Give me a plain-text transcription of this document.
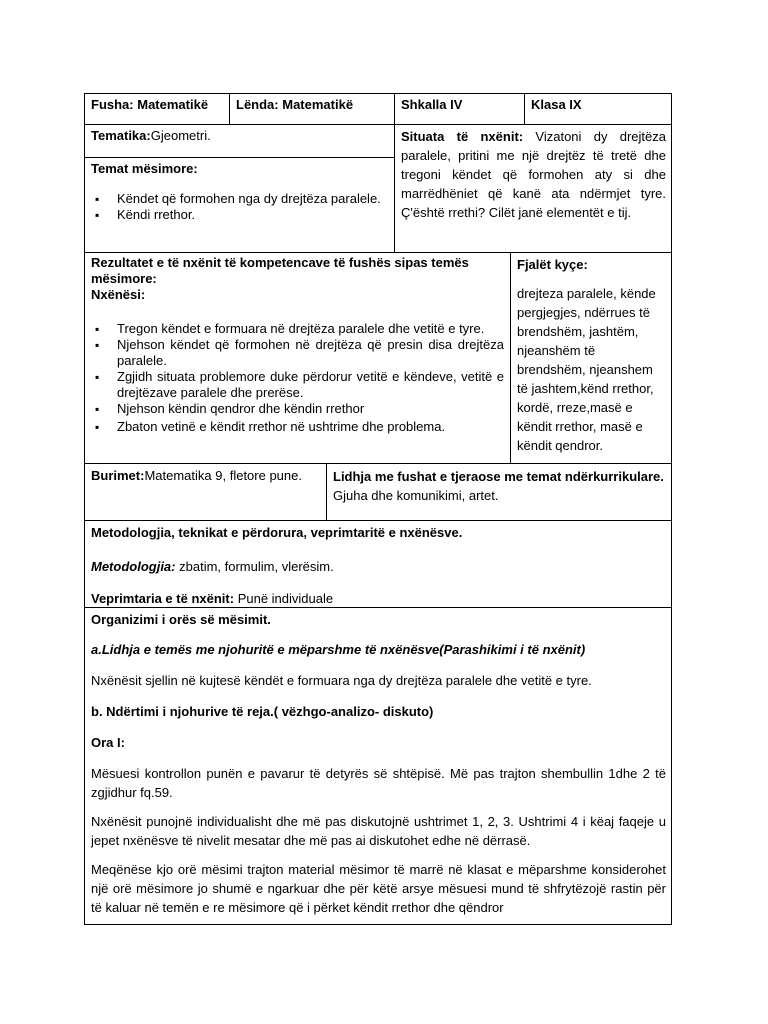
Fusha: Matematikë	Lënda: Matematikë	Shkalla IV	Klasa IX
Tematika:Gjeometri.	Situata të nxënit: Vizatoni dy drejtëza paralele, pritini me një drejtëz të tretë dhe tregoni këndet që formohen aty si dhe marrëdhëniet që kanë ata ndërmjet tyre. Ç'është rrethi? Cilët janë elementët e tij.
Temat mësimore:
▪ Këndet që formohen nga dy drejtëza paralele.
▪ Këndi rrethor.
Rezultatet e të nxënit të kompetencave të fushës sipas temës mësimore:
Nxënësi:
▪ Tregon këndet e formuara në drejtëza paralele dhe vetitë e tyre.
▪ Njehson këndet që formohen në drejtëza që presin disa drejtëza paralele.
▪ Zgjidh situata problemore duke përdorur vetitë e këndeve, vetitë e drejtëzave paralele dhe prerëse.
▪ Njehson këndin qendror dhe këndin rrethor
▪ Zbaton vetinë e këndit rrethor në ushtrime dhe problema.
Fjalët kyçe:
drejteza paralele, kënde pergjegjes, ndërrues të brendshëm, jashtëm, njeanshëm të brendshëm, njeanshem të jashtem,kënd rrethor, kordë, rreze,masë e këndit rrethor, masë e këndit qendror.
Burimet:Matematika 9, fletore pune.	Lidhja me fushat e tjeraose me temat ndërkurrikulare. Gjuha dhe komunikimi, artet.
Metodologjia, teknikat e përdorura, veprimtaritë e nxënësve.
Metodologjia: zbatim, formulim, vlerësim.
Veprimtaria e të nxënit: Punë individuale
Organizimi i orës së mësimit.
a.Lidhja e temës me njohuritë e mëparshme të nxënësve(Parashikimi i të nxënit)
Nxënësit sjellin në kujtesë këndët e formuara nga dy drejtëza paralele dhe vetitë e tyre.
b. Ndërtimi i njohurive të reja.( vëzhgo-analizo- diskuto)
Ora I:
Mësuesi kontrollon punën e pavarur të detyrës së shtëpisë. Më pas trajton shembullin 1dhe 2 të zgjidhur fq.59.
Nxënësit punojnë individualisht dhe më pas diskutojnë ushtrimet 1, 2, 3. Ushtrimi 4 i këaj faqeje u jepet nxënësve të nivelit mesatar dhe më pas ai diskutohet edhe në dërrasë.
Meqënëse kjo orë mësimi trajton material mësimor të marrë në klasat e mëparshme konsiderohet një orë mësimore jo shumë e ngarkuar dhe për këtë arsye mësuesi mund të shfrytëzojë rastin për të kaluar në temën e re mësimore që i përket këndit rrethor dhe qëndror
